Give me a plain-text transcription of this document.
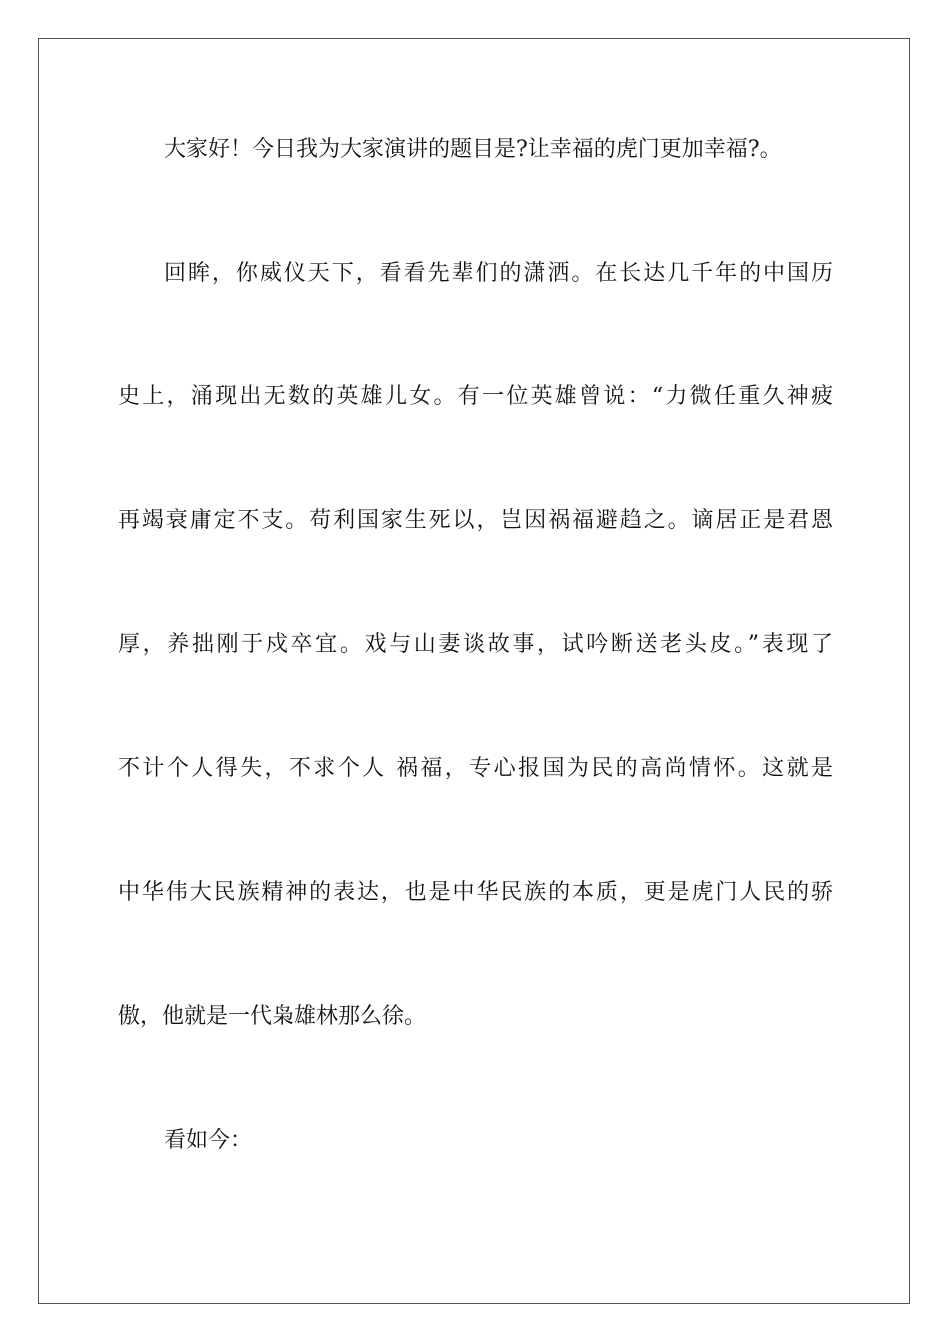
大家好！今日我为大家演讲的题目是?让幸福的虎门更加幸福?。
回眸，你威仪天下，看看先辈们的潇洒。在长达几千年的中国历
史上，涌现出无数的英雄儿女。有一位英雄曾说：“力微任重久神疲
再竭衰庸定不支。苟利国家生死以，岂因祸福避趋之。谪居正是君恩
厚，养拙刚于戍卒宜。戏与山妻谈故事，试吟断送老头皮。”表现了
不计个人得失，不求个人 祸福，专心报国为民的高尚情怀。这就是
中华伟大民族精神的表达，也是中华民族的本质，更是虎门人民的骄
傲，他就是一代枭雄林那么徐。
看如今：
